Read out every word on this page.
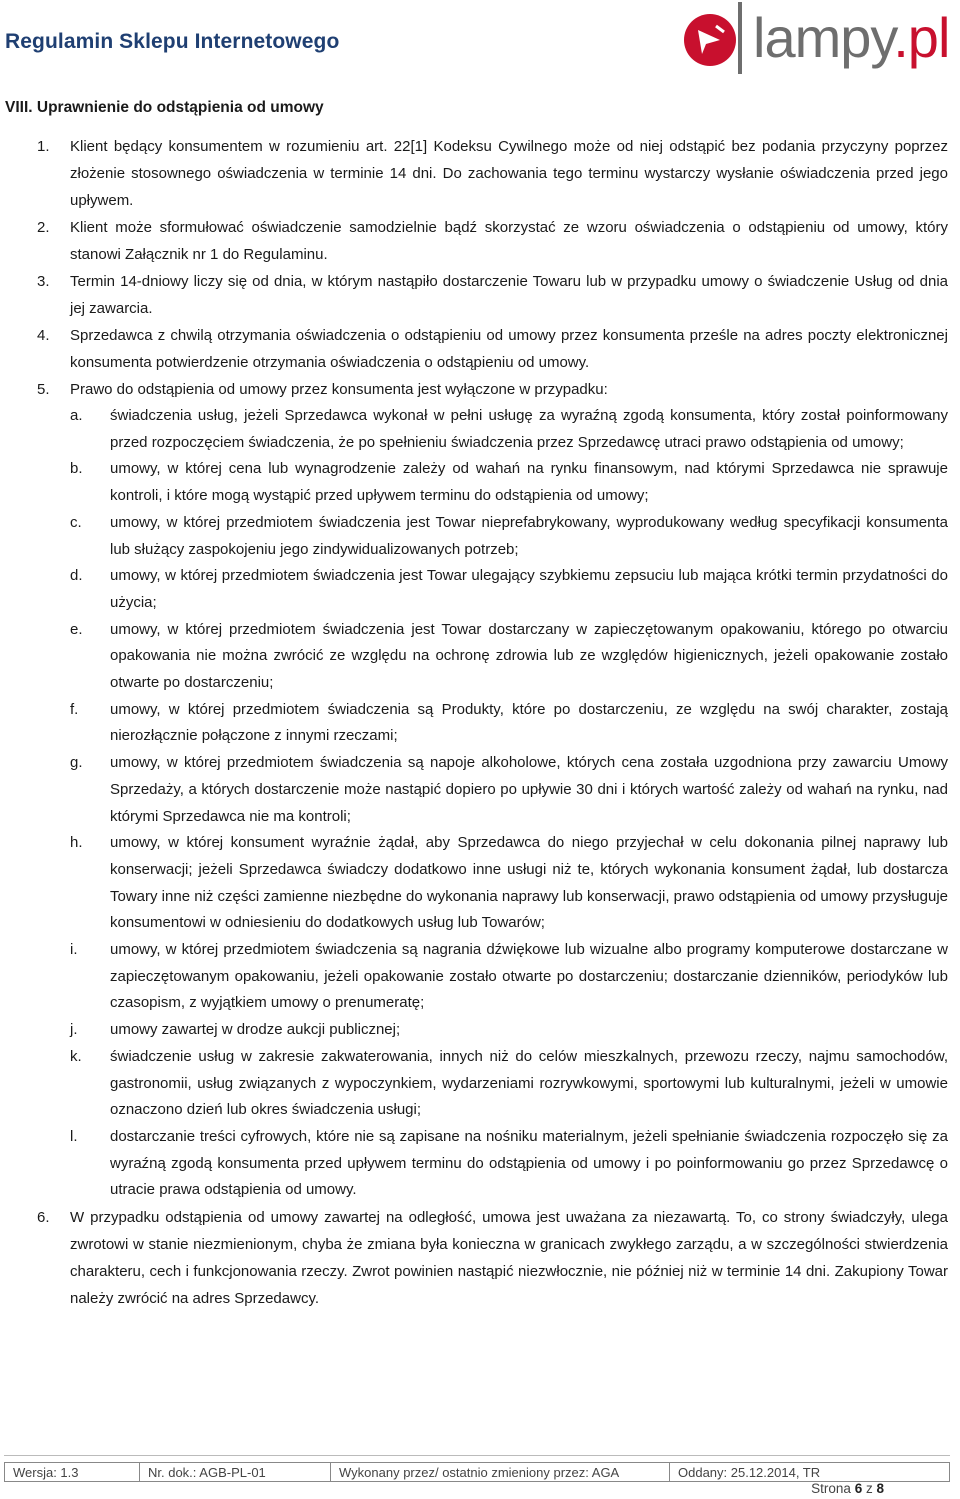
Regulamin Sklepu Internetowego	lampy.pl
VIII. Uprawnienie do odstąpienia od umowy

1. Klient będący konsumentem w rozumieniu art. 22[1] Kodeksu Cywilnego może od niej odstąpić bez podania przyczyny poprzez złożenie stosownego oświadczenia w terminie 14 dni. Do zachowania tego terminu wystarczy wysłanie oświadczenia przed jego upływem.

2. Klient może sformułować oświadczenie samodzielnie bądź skorzystać ze wzoru oświadczenia o odstąpieniu od umowy, który stanowi Załącznik nr 1 do Regulaminu.

3. Termin 14-dniowy liczy się od dnia, w którym nastąpiło dostarczenie Towaru lub w przypadku umowy o świadczenie Usług od dnia jej zawarcia.

4. Sprzedawca z chwilą otrzymania oświadczenia o odstąpieniu od umowy przez konsumenta prześle na adres poczty elektronicznej konsumenta potwierdzenie otrzymania oświadczenia o odstąpieniu od umowy.

5. Prawo do odstąpienia od umowy przez konsumenta jest wyłączone w przypadku:

a. świadczenia usług, jeżeli Sprzedawca wykonał w pełni usługę za wyraźną zgodą konsumenta, który został poinformowany przed rozpoczęciem świadczenia, że po spełnieniu świadczenia przez Sprzedawcę utraci prawo odstąpienia od umowy;

b. umowy, w której cena lub wynagrodzenie zależy od wahań na rynku finansowym, nad którymi Sprzedawca nie sprawuje kontroli, i które mogą wystąpić przed upływem terminu do odstąpienia od umowy;

c. umowy, w której przedmiotem świadczenia jest Towar nieprefabrykowany, wyprodukowany według specyfikacji konsumenta lub służący zaspokojeniu jego zindywidualizowanych potrzeb;

d. umowy, w której przedmiotem świadczenia jest Towar ulegający szybkiemu zepsuciu lub mająca krótki termin przydatności do użycia;

e. umowy, w której przedmiotem świadczenia jest Towar dostarczany w zapieczętowanym opakowaniu, którego po otwarciu opakowania nie można zwrócić ze względu na ochronę zdrowia lub ze względów higienicznych, jeżeli opakowanie zostało otwarte po dostarczeniu;

f. umowy, w której przedmiotem świadczenia są Produkty, które po dostarczeniu, ze względu na swój charakter, zostają nierozłącznie połączone z innymi rzeczami;

g. umowy, w której przedmiotem świadczenia są napoje alkoholowe, których cena została uzgodniona przy zawarciu Umowy Sprzedaży, a których dostarczenie może nastąpić dopiero po upływie 30 dni i których wartość zależy od wahań na rynku, nad którymi Sprzedawca nie ma kontroli;

h. umowy, w której konsument wyraźnie żądał, aby Sprzedawca do niego przyjechał w celu dokonania pilnej naprawy lub konserwacji; jeżeli Sprzedawca świadczy dodatkowo inne usługi niż te, których wykonania konsument żądał, lub dostarcza Towary inne niż części zamienne niezbędne do wykonania naprawy lub konserwacji, prawo odstąpienia od umowy przysługuje konsumentowi w odniesieniu do dodatkowych usług lub Towarów;

i. umowy, w której przedmiotem świadczenia są nagrania dźwiękowe lub wizualne albo programy komputerowe dostarczane w zapieczętowanym opakowaniu, jeżeli opakowanie zostało otwarte po dostarczeniu; dostarczanie dzienników, periodyków lub czasopism, z wyjątkiem umowy o prenumeratę;

j. umowy zawartej w drodze aukcji publicznej;

k. świadczenie usług w zakresie zakwaterowania, innych niż do celów mieszkalnych, przewozu rzeczy, najmu samochodów, gastronomii, usług związanych z wypoczynkiem, wydarzeniami rozrywkowymi, sportowymi lub kulturalnymi, jeżeli w umowie oznaczono dzień lub okres świadczenia usługi;

l. dostarczanie treści cyfrowych, które nie są zapisane na nośniku materialnym, jeżeli spełnianie świadczenia rozpoczęło się za wyraźną zgodą konsumenta przed upływem terminu do odstąpienia od umowy i po poinformowaniu go przez Sprzedawcę o utracie prawa odstąpienia od umowy.

6. W przypadku odstąpienia od umowy zawartej na odległość, umowa jest uważana za niezawartą. To, co strony świadczyły, ulega zwrotowi w stanie niezmienionym, chyba że zmiana była konieczna w granicach zwykłego zarządu, a w szczególności stwierdzenia charakteru, cech i funkcjonowania rzeczy. Zwrot powinien nastąpić niezwłocznie, nie później niż w terminie 14 dni. Zakupiony Towar należy zwrócić na adres Sprzedawcy.

Wersja: 1.3	Nr. dok.: AGB-PL-01	Wykonany przez/ ostatnio zmieniony przez: AGA	Oddany: 25.12.2014, TR
Strona 6 z 8
